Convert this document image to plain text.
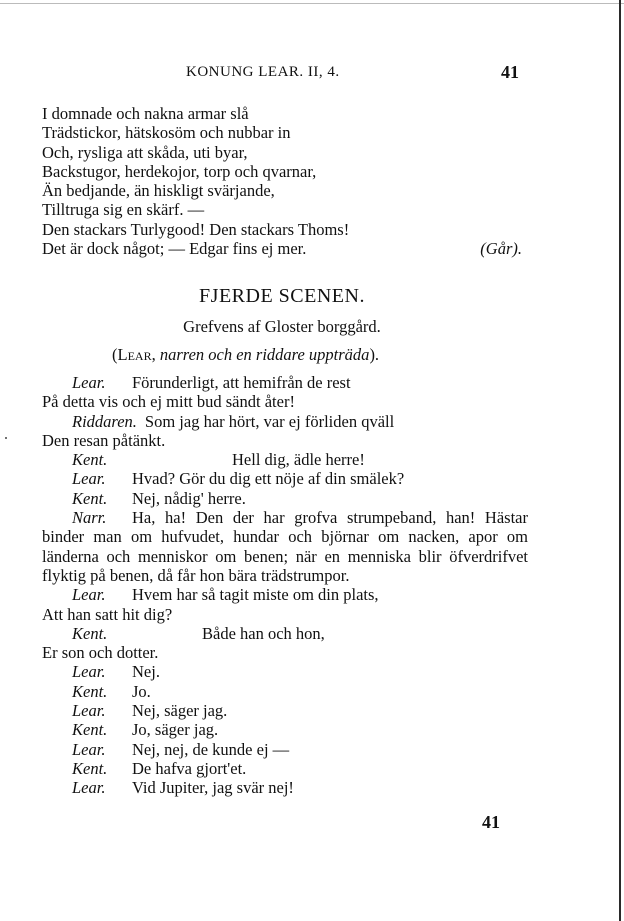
KONUNG LEAR. II, 4.	41
I domnade och nakna armar slå
Trädstickor, hätskosöm och nubbar in
Och, rysliga att skåda, uti byar,
Backstugor, herdekojor, torp och qvarnar,
Än bedjande, än hiskligt svärjande,
Tilltruga sig en skärf. —
Den stackars Turlygood! Den stackars Thoms!
Det är dock något; — Edgar fins ej mer.	(Går).
FJERDE SCENEN.
Grefvens af Gloster borggård.
(Lear, narren och en riddare uppträda).
Lear. Förunderligt, att hemifrån de rest
På detta vis och ej mitt bud sändt åter!
Riddaren. Som jag har hört, var ej förliden qväll
Den resan påtänkt.
Kent.	Hell dig, ädle herre!
Lear. Hvad? Gör du dig ett nöje af din smälek?
Kent. Nej, nådig' herre.
Narr. Ha, ha! Den der har grofva strumpeband, han! Hästar binder man om hufvudet, hundar och björnar om nacken, apor om länderna och menniskor om benen; när en menniska blir öfverdrifvet flyktig på benen, då får hon bära trädstrumpor.
Lear. Hvem har så tagit miste om din plats,
Att han satt hit dig?
Kent.	Både han och hon,
Er son och dotter.
Lear. Nej.
Kent. Jo.
Lear. Nej, säger jag.
Kent. Jo, säger jag.
Lear. Nej, nej, de kunde ej —
Kent. De hafva gjort'et.
Lear. Vid Jupiter, jag svär nej!
41
